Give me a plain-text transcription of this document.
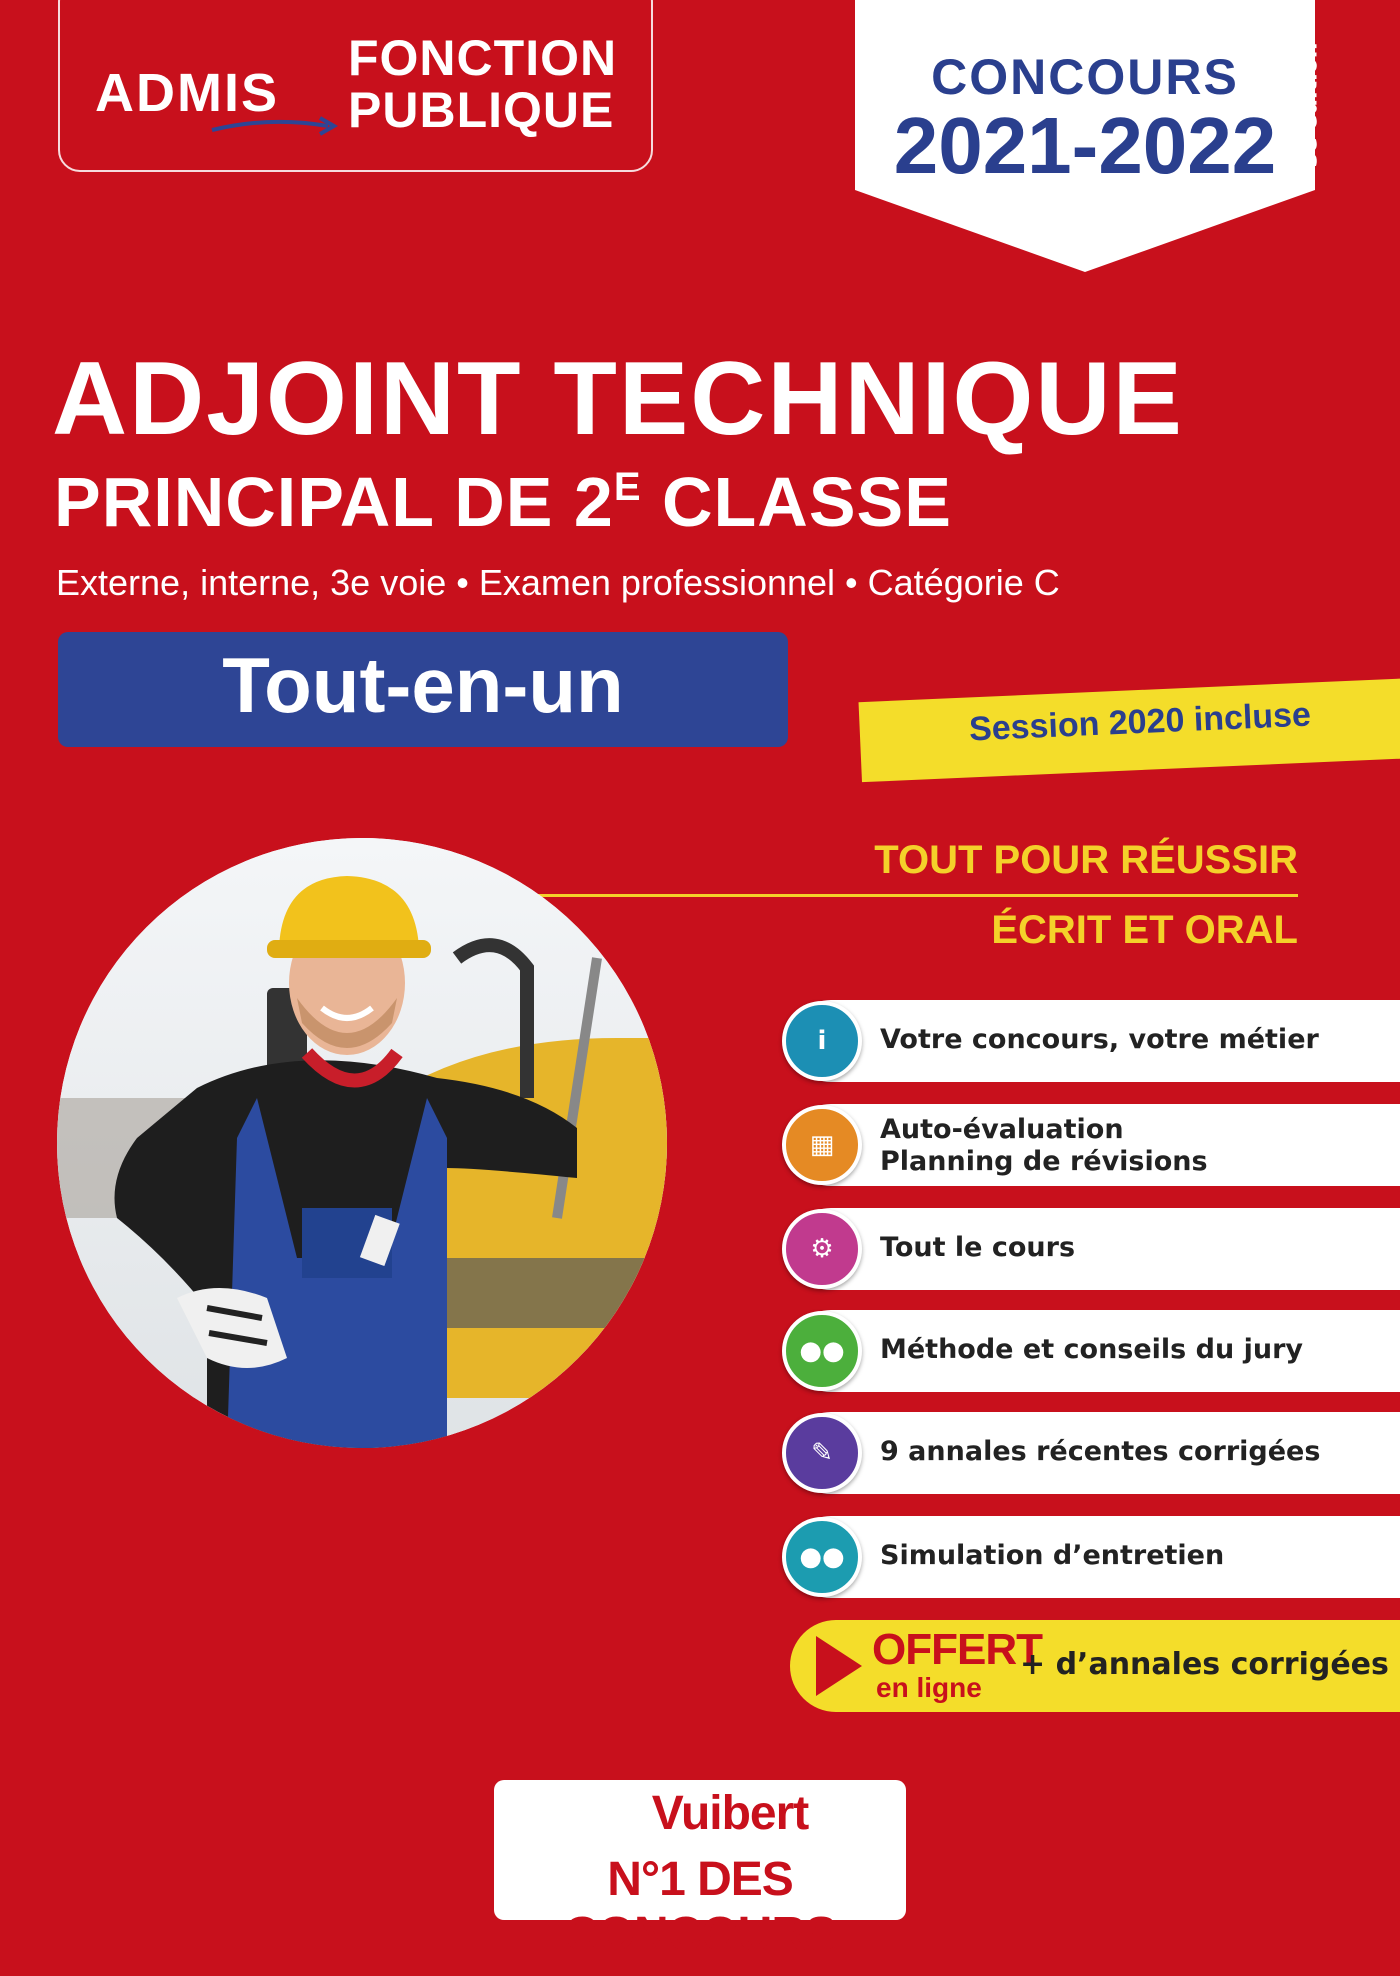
ADMIS
FONCTION
PUBLIQUE
CONCOURS
2021-2022 3e édition
ADJOINT TECHNIQUE
PRINCIPAL DE $2^E$ CLASSE
Externe, interne, 3e voie • Examen professionnel • Catégorie C
Tout-en-un	Session 2020 incluse
TOUT POUR RÉUSSIR
ÉCRIT ET ORAL
i	Votre concours, votre métier
▦	Auto-évaluation
Planning de révisions
⚙	Tout le cours
●●	Méthode et conseils du jury
✎	9 annales récentes corrigées
●●	Simulation d’entretien
OFFERT
en ligne
+ d’annales corrigées
Vuibert
N°1 DES CONCOURS
